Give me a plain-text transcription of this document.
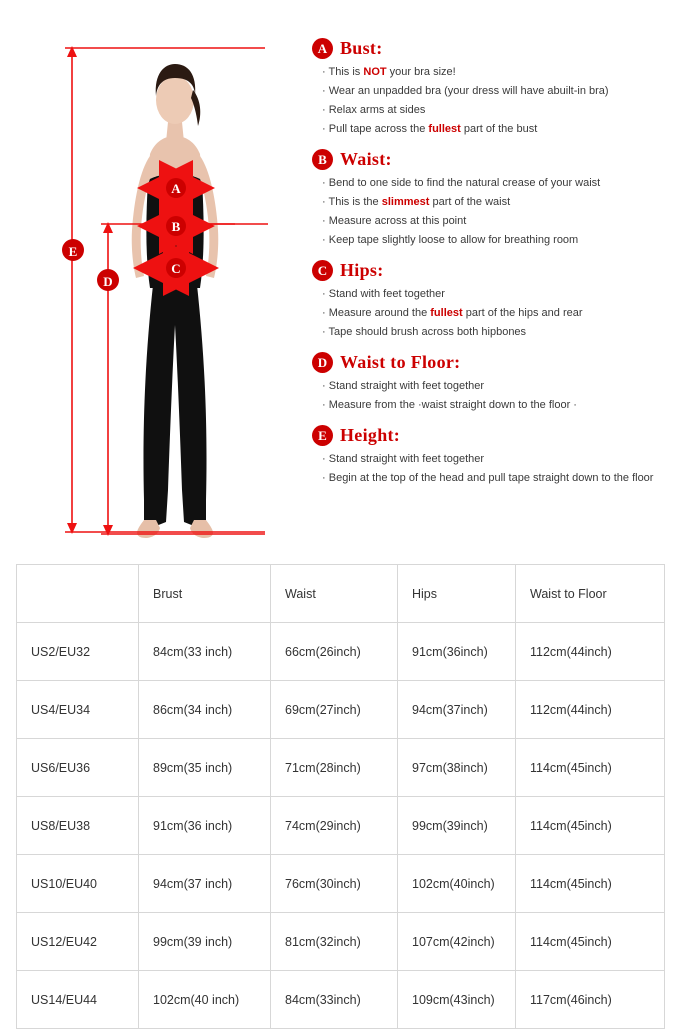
A
B
C
D
E
A Bust:
· This is NOT your bra size!
· Wear an unpadded bra (your dress will have abuilt-in bra)
· Relax arms at sides
· Pull tape across the fullest part of the bust
B Waist:
· Bend to one side to find the natural crease of your waist
· This is the slimmest part of the waist
· Measure across at this point
· Keep tape slightly loose to allow for breathing room
C Hips:
· Stand with feet together
· Measure around the fullest part of the hips and rear
· Tape should brush across both hipbones
D Waist to Floor:
· Stand straight with feet together
· Measure from the ·waist straight down to the floor ·
E Height:
· Stand straight with feet together
· Begin at the top of the head and pull tape straight down to the floor
	Brust	Waist	Hips	Waist to Floor
US2/EU32	84cm(33 inch)	66cm(26inch)	91cm(36inch)	112cm(44inch)
US4/EU34	86cm(34 inch)	69cm(27inch)	94cm(37inch)	112cm(44inch)
US6/EU36	89cm(35 inch)	71cm(28inch)	97cm(38inch)	114cm(45inch)
US8/EU38	91cm(36 inch)	74cm(29inch)	99cm(39inch)	114cm(45inch)
US10/EU40	94cm(37 inch)	76cm(30inch)	102cm(40inch)	114cm(45inch)
US12/EU42	99cm(39 inch)	81cm(32inch)	107cm(42inch)	114cm(45inch)
US14/EU44	102cm(40 inch)	84cm(33inch)	109cm(43inch)	117cm(46inch)
